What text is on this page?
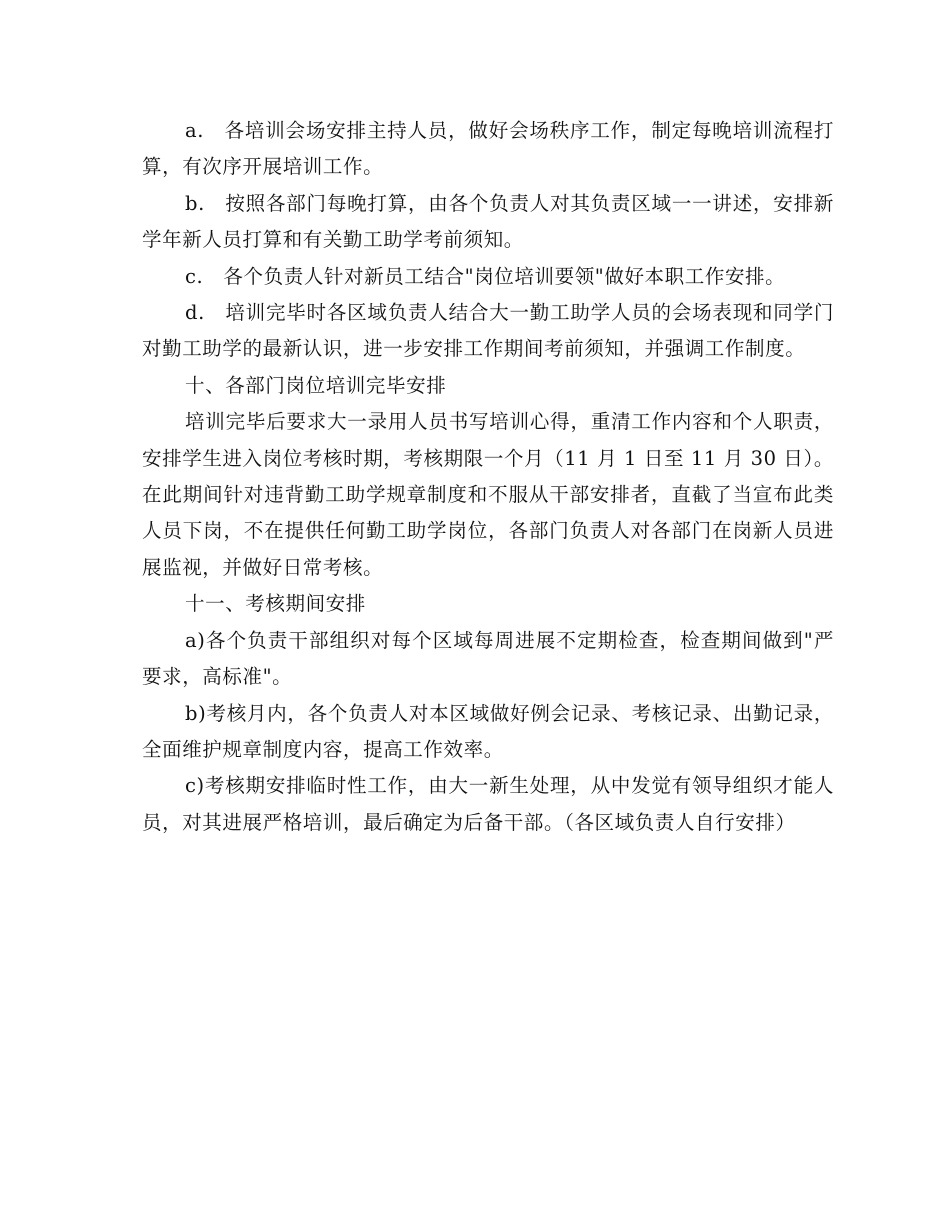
a.　各培训会场安排主持人员，做好会场秩序工作，制定每晚培训流程打算，有次序开展培训工作。

b.　按照各部门每晚打算，由各个负责人对其负责区域一一讲述，安排新学年新人员打算和有关勤工助学考前须知。

c.　各个负责人针对新员工结合"岗位培训要领"做好本职工作安排。

d.　培训完毕时各区域负责人结合大一勤工助学人员的会场表现和同学门对勤工助学的最新认识，进一步安排工作期间考前须知，并强调工作制度。

十、各部门岗位培训完毕安排

培训完毕后要求大一录用人员书写培训心得，重清工作内容和个人职责，安排学生进入岗位考核时期，考核期限一个月（11 月 1 日至 11 月 30 日）。在此期间针对违背勤工助学规章制度和不服从干部安排者，直截了当宣布此类人员下岗，不在提供任何勤工助学岗位，各部门负责人对各部门在岗新人员进展监视，并做好日常考核。

十一、考核期间安排

a)各个负责干部组织对每个区域每周进展不定期检查，检查期间做到"严要求，高标准"。

b)考核月内，各个负责人对本区域做好例会记录、考核记录、出勤记录，全面维护规章制度内容，提高工作效率。

c)考核期安排临时性工作，由大一新生处理，从中发觉有领导组织才能人员，对其进展严格培训，最后确定为后备干部。（各区域负责人自行安排）
